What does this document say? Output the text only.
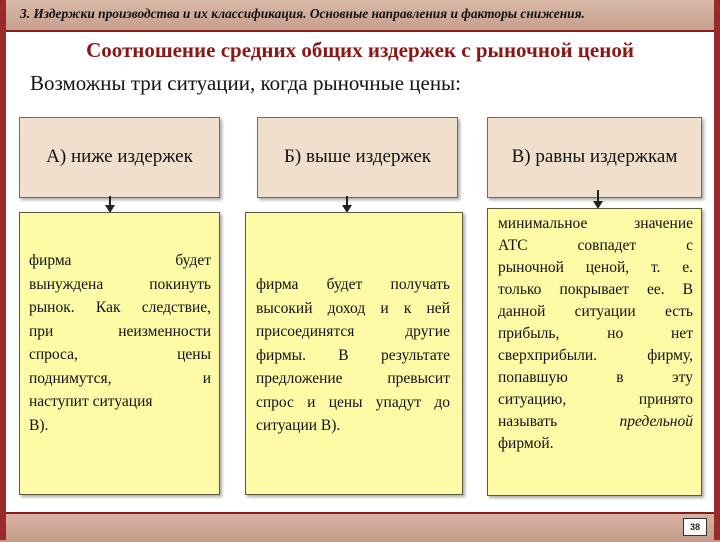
3. Издержки производства и их классификация. Основные направления и факторы снижения.
Соотношение средних общих издержек с рыночной ценой
Возможны три ситуации, когда рыночные цены:
А) ниже издержек	Б) выше издержек	В) равны издержкам
фирма будет
вынуждена покинуть
рынок. Как следствие,
при неизменности
спроса, цены
поднимутся, и
наступит ситуация
В).
фирма будет получать
высокий доход и к ней
присоединятся другие
фирмы. В результате
предложение превысит
спрос и цены упадут до
ситуации В).
минимальное значение
АТС совпадет с
рыночной ценой, т. е.
только покрывает ее. В
данной ситуации есть
прибыль, но нет
сверхприбыли. фирму,
попавшую в эту
ситуацию, принято
называть	предельной
фирмой.
38
